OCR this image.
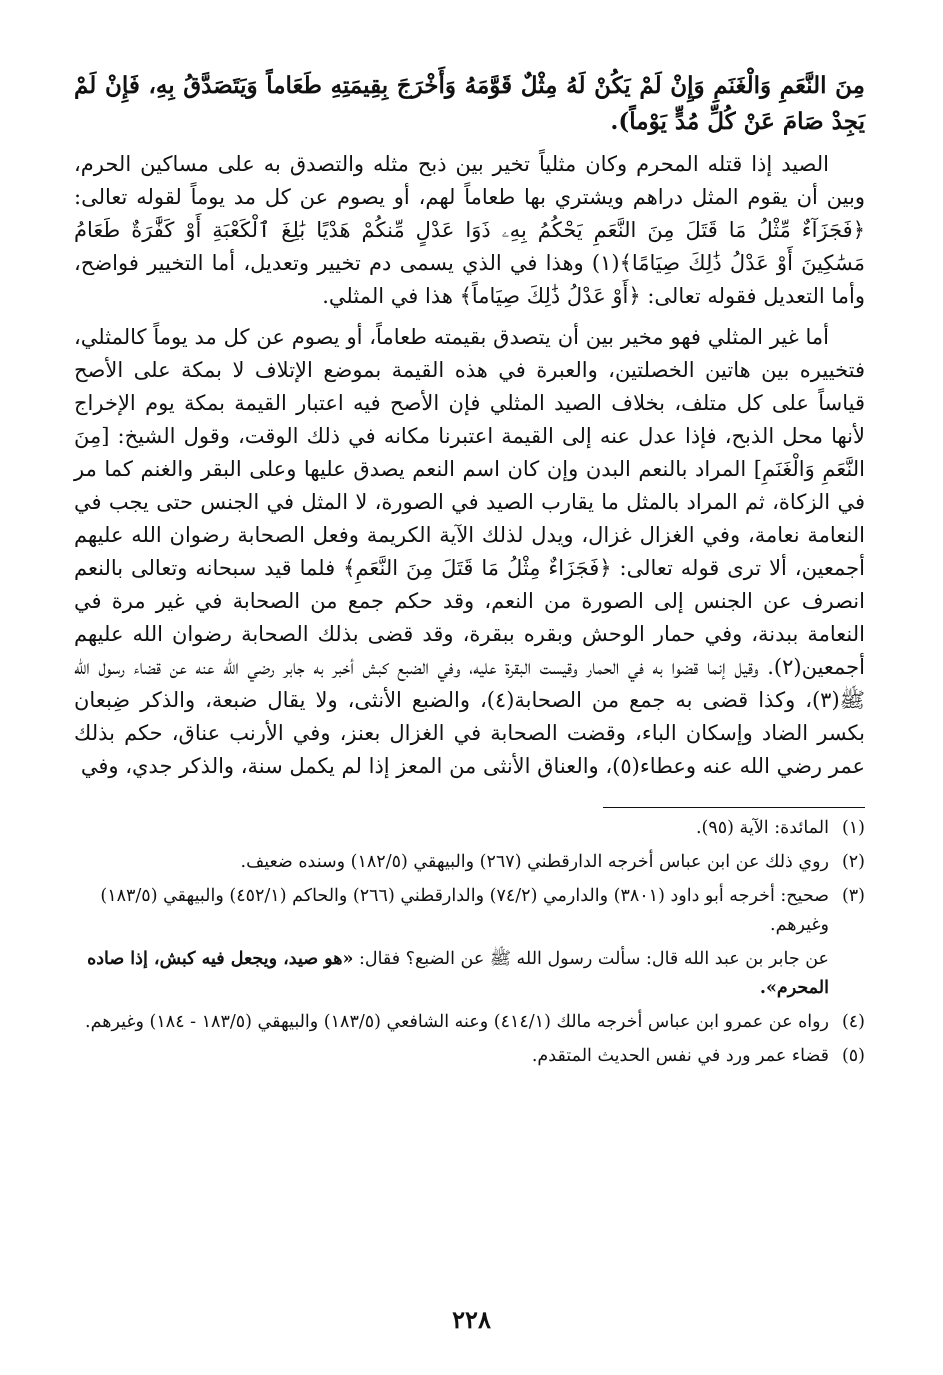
مِنَ النَّعَمِ وَالْغَنَمِ وَإِنْ لَمْ يَكُنْ لَهُ مِثْلٌ قَوَّمَهُ وَأَخْرَجَ بِقِيمَتِهِ طَعَاماً وَيَتَصَدَّقُ بِهِ، فَإِنْ لَمْ يَجِدْ صَامَ عَنْ كُلِّ مُدٍّ يَوْماً).

الصيد إذا قتله المحرم وكان مثلياً تخير بين ذبح مثله والتصدق به على مساكين الحرم، وبين أن يقوم المثل دراهم ويشتري بها طعاماً لهم، أو يصوم عن كل مد يوماً لقوله تعالى: ﴿فَجَزَآءٌ مِّثْلُ مَا قَتَلَ مِنَ النَّعَمِ يَحْكُمُ بِهِۦ ذَوَا عَدْلٍ مِّنكُمْ هَدْيًا بَٰلِغَ ٱلْكَعْبَةِ أَوْ كَفَّٰرَةٌ طَعَامُ مَسَٰكِينَ أَوْ عَدْلُ ذَٰلِكَ صِيَامًا﴾(١) وهذا في الذي يسمى دم تخيير وتعديل، أما التخيير فواضح، وأما التعديل فقوله تعالى: ﴿أَوْ عَدْلُ ذَٰلِكَ صِيَاماً﴾ هذا في المثلي.

أما غير المثلي فهو مخير بين أن يتصدق بقيمته طعاماً، أو يصوم عن كل مد يوماً كالمثلي، فتخييره بين هاتين الخصلتين، والعبرة في هذه القيمة بموضع الإتلاف لا بمكة على الأصح قياساً على كل متلف، بخلاف الصيد المثلي فإن الأصح فيه اعتبار القيمة بمكة يوم الإخراج لأنها محل الذبح، فإذا عدل عنه إلى القيمة اعتبرنا مكانه في ذلك الوقت، وقول الشيخ: [مِنَ النَّعَمِ وَالْغَنَمِ] المراد بالنعم البدن وإن كان اسم النعم يصدق عليها وعلى البقر والغنم كما مر في الزكاة، ثم المراد بالمثل ما يقارب الصيد في الصورة، لا المثل في الجنس حتى يجب في النعامة نعامة، وفي الغزال غزال، ويدل لذلك الآية الكريمة وفعل الصحابة رضوان الله عليهم أجمعين، ألا ترى قوله تعالى: ﴿فَجَزَاءٌ مِثْلُ مَا قَتَلَ مِنَ النَّعَمِ﴾ فلما قيد سبحانه وتعالى بالنعم انصرف عن الجنس إلى الصورة من النعم، وقد حكم جمع من الصحابة في غير مرة في النعامة ببدنة، وفي حمار الوحش وبقره ببقرة، وقد قضى بذلك الصحابة رضوان الله عليهم أجمعين(٢). وقيل إنما قضوا به في الحمار وقيست البقرة عليه، وفي الضبع كبش أخبر به جابر رضي الله عنه عن قضاء رسول الله ﷺ(٣)، وكذا قضى به جمع من الصحابة(٤)، والضبع الأنثى، ولا يقال ضبعة، والذكر ضِبعان بكسر الضاد وإسكان الباء، وقضت الصحابة في الغزال بعنز، وفي الأرنب عناق، حكم بذلك عمر رضي الله عنه وعطاء(٥)، والعناق الأنثى من المعز إذا لم يكمل سنة، والذكر جدي، وفي

(١)
المائدة: الآية (٩٥).
(٢)
روي ذلك عن ابن عباس أخرجه الدارقطني (٢٦٧) والبيهقي (١٨٢/٥) وسنده ضعيف.
(٣)
صحيح: أخرجه أبو داود (٣٨٠١) والدارمي (٧٤/٢) والدارقطني (٢٦٦) والحاكم (٤٥٢/١) والبيهقي (١٨٣/٥) وغيرهم.
عن جابر بن عبد الله قال: سألت رسول الله ﷺ عن الضبع؟ فقال: «هو صيد، ويجعل فيه كبش، إذا صاده المحرم».
(٤)
رواه عن عمرو ابن عباس أخرجه مالك (٤١٤/١) وعنه الشافعي (١٨٣/٥) والبيهقي (١٨٣/٥ - ١٨٤) وغيرهم.
(٥)
قضاء عمر ورد في نفس الحديث المتقدم.
٢٢٨
